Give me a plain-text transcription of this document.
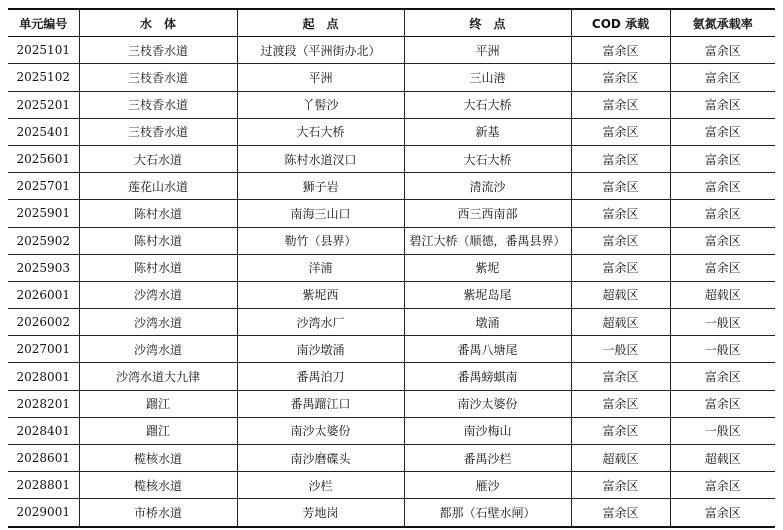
单元编号	水　体	起　点	终　点	COD 承载	氨氮承载率
2025101	三枝香水道	过渡段（平洲街办北）	平洲	富余区	富余区
2025102	三枝香水道	平洲	三山港	富余区	富余区
2025201	三枝香水道	丫髻沙	大石大桥	富余区	富余区
2025401	三枝香水道	大石大桥	新基	富余区	富余区
2025601	大石水道	陈村水道汊口	大石大桥	富余区	富余区
2025701	莲花山水道	狮子岩	清流沙	富余区	富余区
2025901	陈村水道	南海三山口	西三西南部	富余区	富余区
2025902	陈村水道	勒竹（县界）	碧江大桥（顺德，番禺县界）	富余区	富余区
2025903	陈村水道	洋浦	紫坭	富余区	富余区
2026001	沙湾水道	紫坭西	紫坭岛尾	超载区	超载区
2026002	沙湾水道	沙湾水厂	墩涌	超载区	一般区
2027001	沙湾水道	南沙墩涌	番禺八塘尾	一般区	一般区
2028001	沙湾水道大九律	番禺泊刀	番禺螃蜞南	富余区	富余区
2028201	蹓江	番禺蹓江口	南沙太婆份	富余区	富余区
2028401	蹓江	南沙太婆份	南沙梅山	富余区	一般区
2028601	榄核水道	南沙磨碟头	番禺沙栏	超载区	超载区
2028801	榄核水道	沙栏	雁沙	富余区	富余区
2029001	市桥水道	芳地岗	都那（石壁水闸）	富余区	富余区
